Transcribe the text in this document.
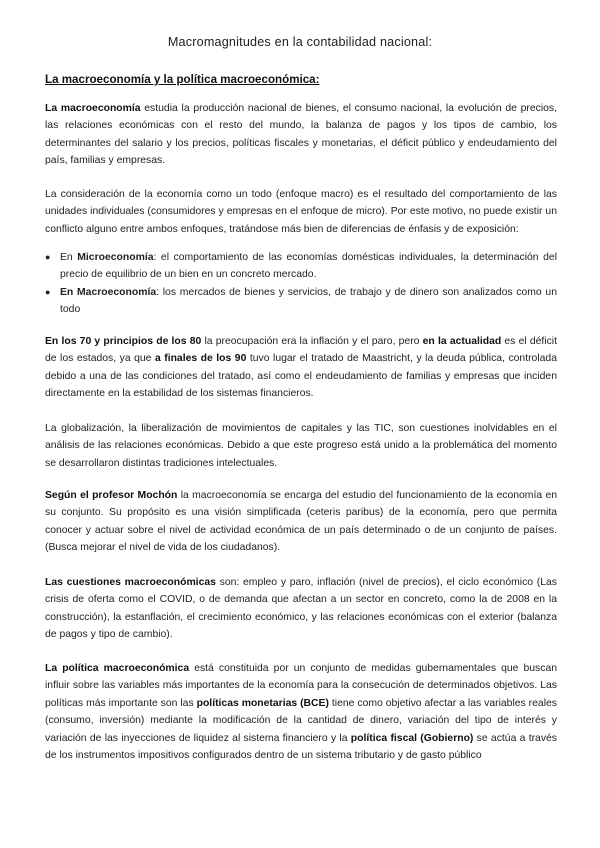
Macromagnitudes en la contabilidad nacional:
La macroeconomía y la política macroeconómica:

La macroeconomía estudia la producción nacional de bienes, el consumo nacional, la evolución de precios, las relaciones económicas con el resto del mundo, la balanza de pagos y los tipos de cambio, los determinantes del salario y los precios, políticas fiscales y monetarias, el déficit público y endeudamiento del país, familias y empresas.

La consideración de la economía como un todo (enfoque macro) es el resultado del comportamiento de las unidades individuales (consumidores y empresas en el enfoque de micro). Por este motivo, no puede existir un conflicto alguno entre ambos enfoques, tratándose más bien de diferencias de énfasis y de exposición:

● En Microeconomía: el comportamiento de las economías domésticas individuales, la determinación del precio de equilibrio de un bien en un concreto mercado.
● En Macroeconomía: los mercados de bienes y servicios, de trabajo y de dinero son analizados como un todo

En los 70 y principios de los 80 la preocupación era la inflación y el paro, pero en la actualidad es el déficit de los estados, ya que a finales de los 90 tuvo lugar el tratado de Maastricht, y la deuda pública, controlada debido a una de las condiciones del tratado, así como el endeudamiento de familias y empresas que inciden directamente en la estabilidad de los sistemas financieros.

La globalización, la liberalización de movimientos de capitales y las TIC, son cuestiones inolvidables en el análisis de las relaciones económicas. Debido a que este progreso está unido a la problemática del momento se desarrollaron distintas tradiciones intelectuales.

Según el profesor Mochón la macroeconomía se encarga del estudio del funcionamiento de la economía en su conjunto. Su propósito es una visión simplificada (ceteris paribus) de la economía, pero que permita conocer y actuar sobre el nivel de actividad económica de un país determinado o de un conjunto de países. (Busca mejorar el nivel de vida de los ciudadanos).

Las cuestiones macroeconómicas son: empleo y paro, inflación (nivel de precios), el ciclo económico (Las crisis de oferta como el COVID, o de demanda que afectan a un sector en concreto, como la de 2008 en la construcción), la estanflación, el crecimiento económico, y las relaciones económicas con el exterior (balanza de pagos y tipo de cambio).

La política macroeconómica está constituida por un conjunto de medidas gubernamentales que buscan influir sobre las variables más importantes de la economía para la consecución de determinados objetivos. Las políticas más importante son las políticas monetarias (BCE) tiene como objetivo afectar a las variables reales (consumo, inversión) mediante la modificación de la cantidad de dinero, variación del tipo de interés y variación de las inyecciones de liquidez al sistema financiero y la política fiscal (Gobierno) se actúa a través de los instrumentos impositivos configurados dentro de un sistema tributario y de gasto público
